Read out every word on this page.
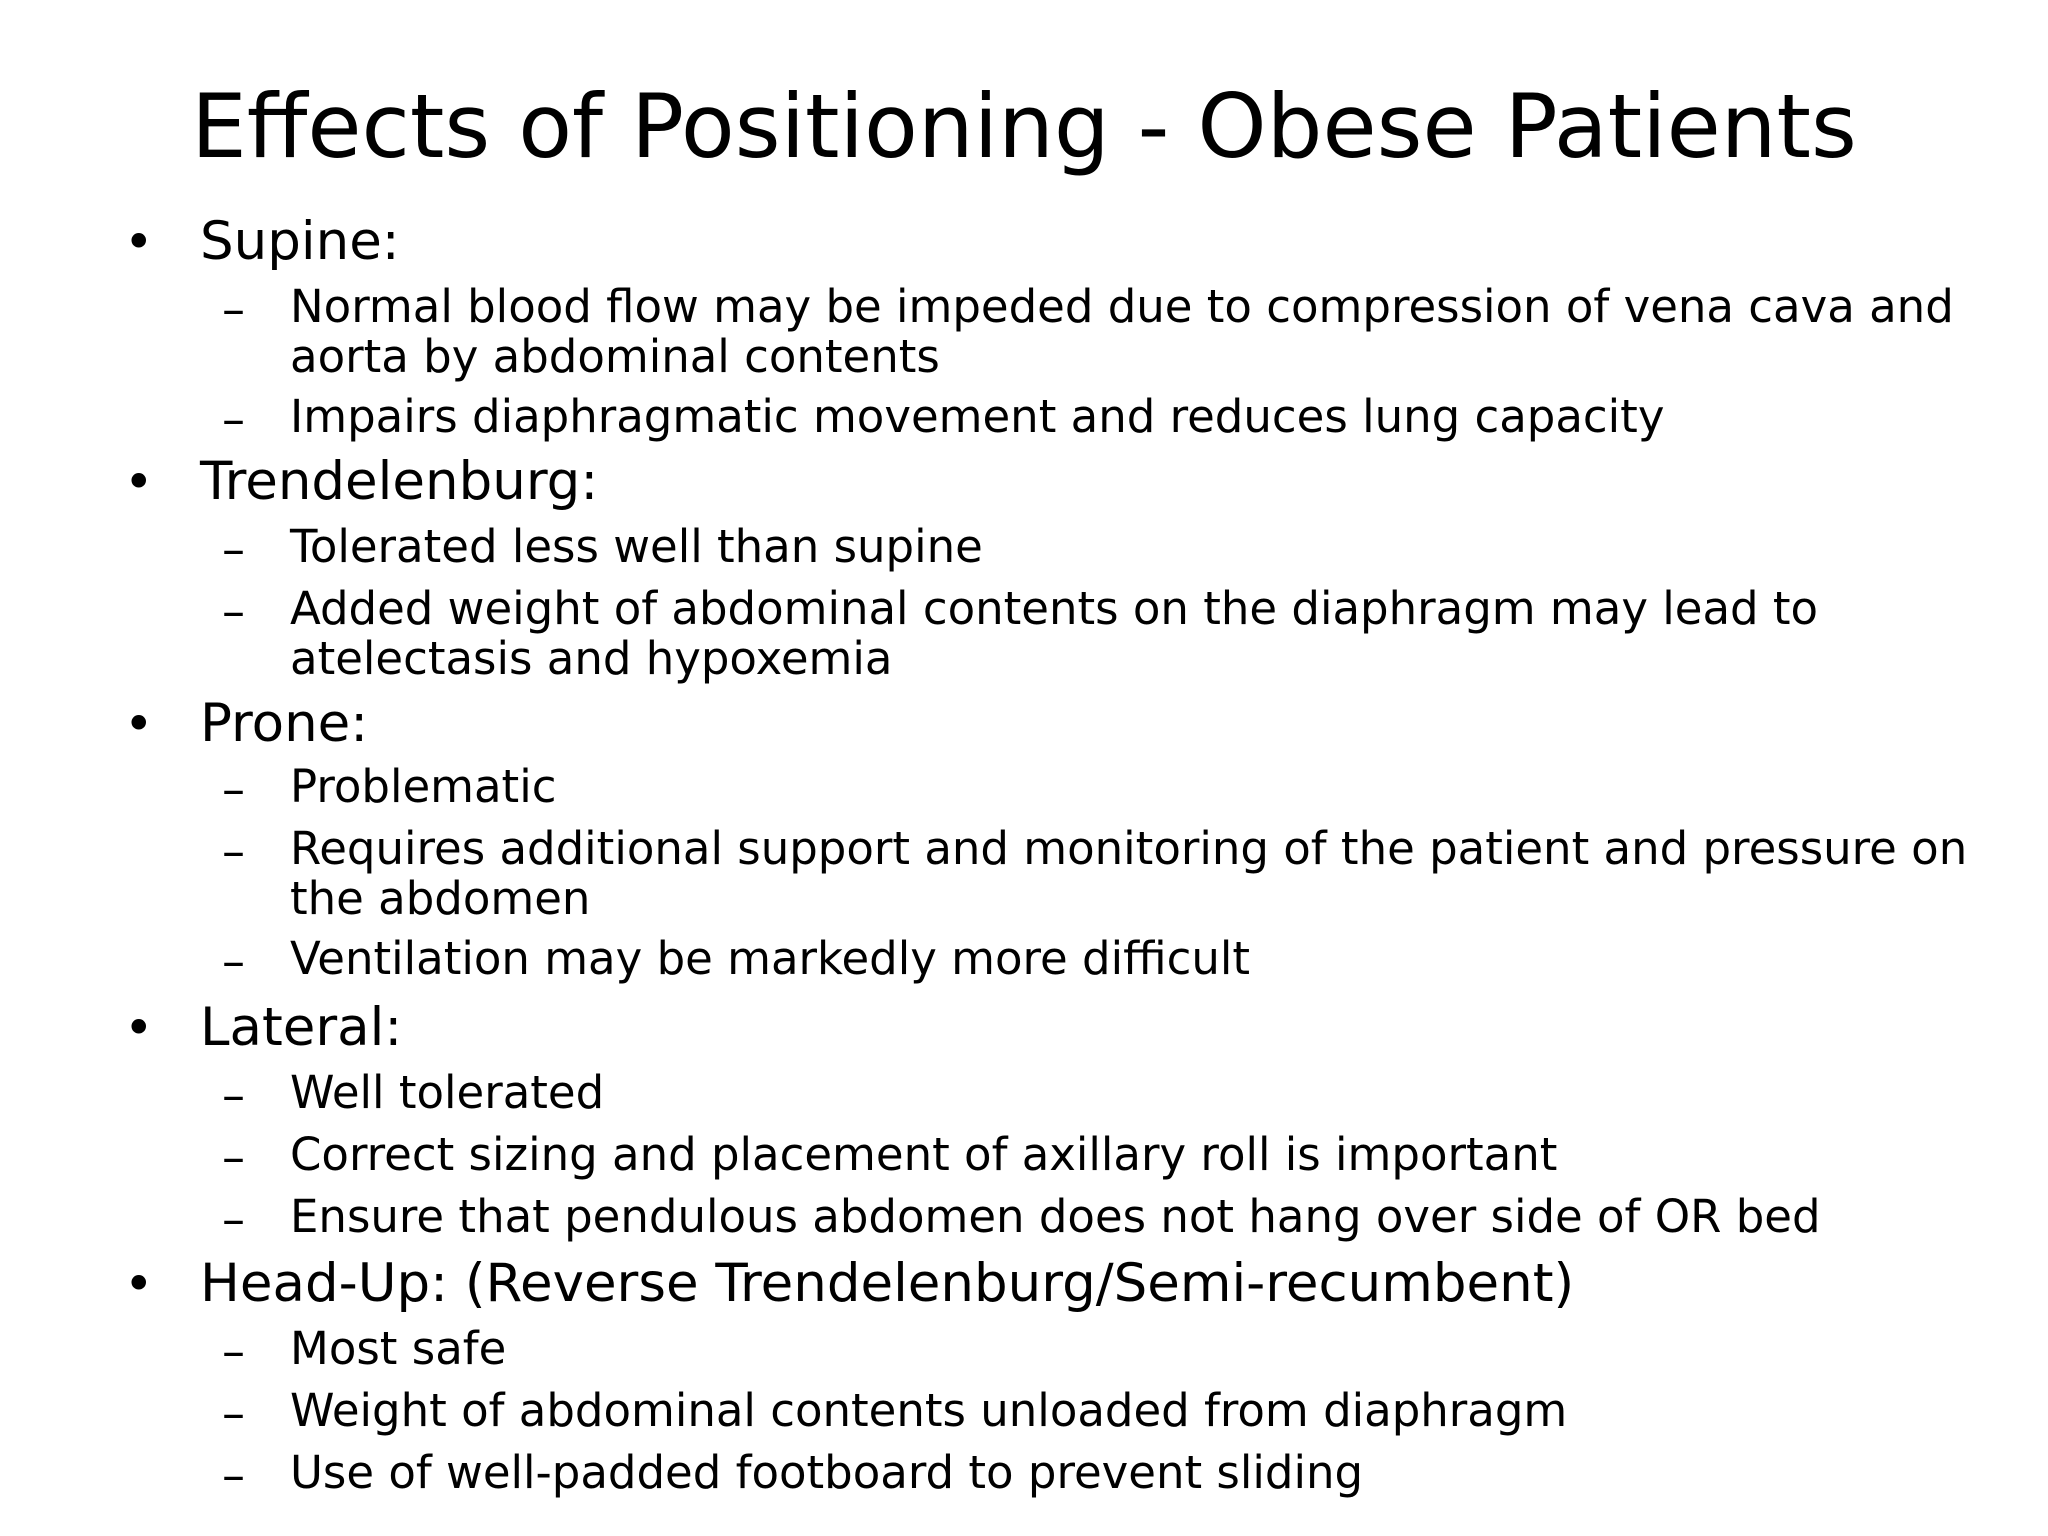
Effects of Positioning - Obese Patients
• Supine:
– Normal blood flow may be impeded due to compression of vena cava and aorta by abdominal contents
– Impairs diaphragmatic movement and reduces lung capacity
• Trendelenburg:
– Tolerated less well than supine
– Added weight of abdominal contents on the diaphragm may lead to atelectasis and hypoxemia
• Prone:
– Problematic
– Requires additional support and monitoring of the patient and pressure on the abdomen
– Ventilation may be markedly more difficult
• Lateral:
– Well tolerated
– Correct sizing and placement of axillary roll is important
– Ensure that pendulous abdomen does not hang over side of OR bed
• Head-Up: (Reverse Trendelenburg/Semi-recumbent)
– Most safe
– Weight of abdominal contents unloaded from diaphragm
– Use of well-padded footboard to prevent sliding
